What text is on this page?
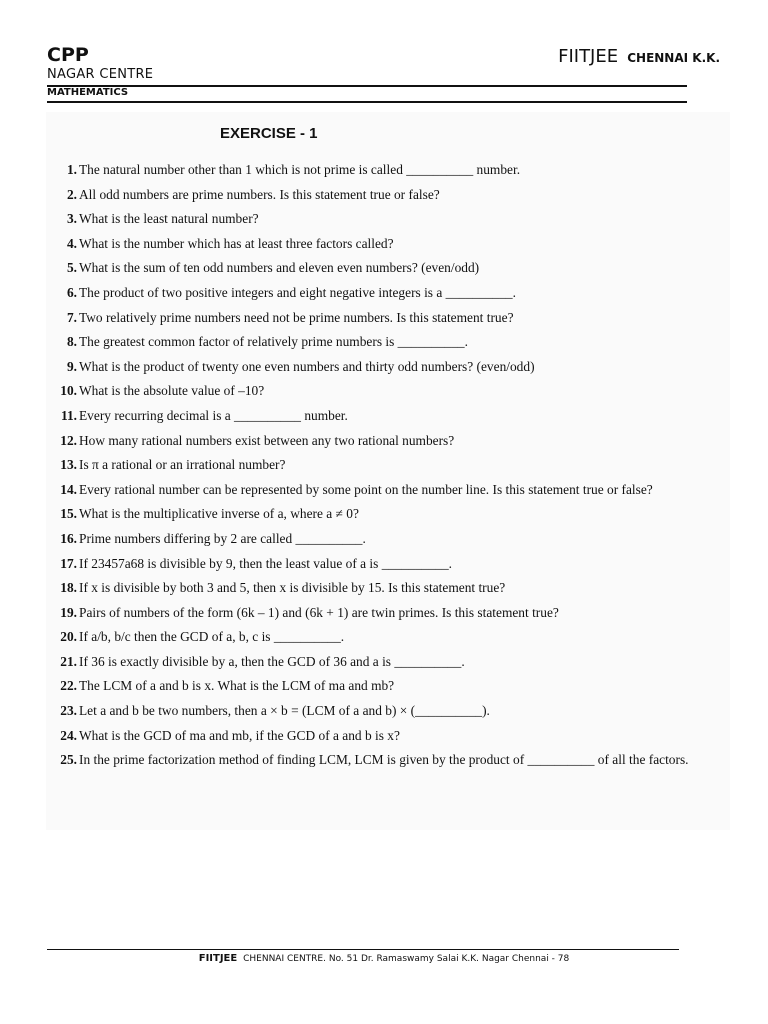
CPP
NAGAR CENTRE
FIITJEE CHENNAI K.K.
MATHEMATICS
EXERCISE - 1
1. The natural number other than 1 which is not prime is called __________ number.
2. All odd numbers are prime numbers. Is this statement true or false?
3. What is the least natural number?
4. What is the number which has at least three factors called?
5. What is the sum of ten odd numbers and eleven even numbers? (even/odd)
6. The product of two positive integers and eight negative integers is a __________.
7. Two relatively prime numbers need not be prime numbers. Is this statement true?
8. The greatest common factor of relatively prime numbers is __________.
9. What is the product of twenty one even numbers and thirty odd numbers? (even/odd)
10. What is the absolute value of –10?
11. Every recurring decimal is a __________ number.
12. How many rational numbers exist between any two rational numbers?
13. Is π a rational or an irrational number?
14. Every rational number can be represented by some point on the number line. Is this statement true or false?
15. What is the multiplicative inverse of a, where a ≠ 0?
16. Prime numbers differing by 2 are called __________.
17. If 23457a68 is divisible by 9, then the least value of a is __________.
18. If x is divisible by both 3 and 5, then x is divisible by 15. Is this statement true?
19. Pairs of numbers of the form (6k – 1) and (6k + 1) are twin primes. Is this statement true?
20. If a/b, b/c then the GCD of a, b, c is __________.
21. If 36 is exactly divisible by a, then the GCD of 36 and a is __________.
22. The LCM of a and b is x. What is the LCM of ma and mb?
23. Let a and b be two numbers, then a × b = (LCM of a and b) × (__________).
24. What is the GCD of ma and mb, if the GCD of a and b is x?
25. In the prime factorization method of finding LCM, LCM is given by the product of __________ of all the factors.
FIITJEE CHENNAI CENTRE. No. 51 Dr. Ramaswamy Salai K.K. Nagar Chennai - 78
